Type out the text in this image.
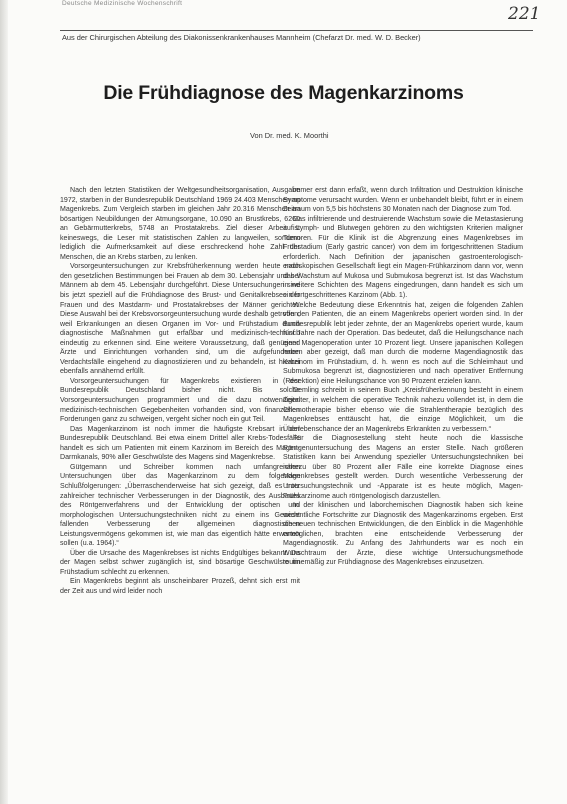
Deutsche Medizinische Wochenschrift
221
Aus der Chirurgischen Abteilung des Diakonissenkrankenhauses Mannheim (Chefarzt Dr. med. W. D. Becker)
Die Frühdiagnose des Magenkarzinoms
Von Dr. med. K. Moorthi

Nach den letzten Statistiken der Weltgesundheitsorganisation, Ausgabe 1972, starben in der Bundesrepublik Deutschland 1969 24.403 Menschen an Magenkrebs. Zum Vergleich starben im gleichen Jahr 20.316 Menschen an bösartigen Neubildungen der Atmungsorgane, 10.090 an Brustkrebs, 6260 an Gebärmutterkrebs, 5748 an Prostatakrebs. Ziel dieser Arbeit ist keineswegs, die Leser mit statistischen Zahlen zu langweilen, sondern lediglich die Aufmerksamkeit auf diese erschreckend hohe Zahl der Menschen, die an Krebs starben, zu lenken.

Vorsorgeuntersuchungen zur Krebsfrüherkennung werden heute nach den gesetzlichen Bestimmungen bei Frauen ab dem 30. Lebensjahr und bei Männern ab dem 45. Lebensjahr durchgeführt. Diese Untersuchungen sind bis jetzt speziell auf die Frühdiagnose des Brust- und Genitalkrebses der Frauen und des Mastdarm- und Prostatakrebses der Männer gerichtet. Diese Auswahl bei der Krebsvorsorgeuntersuchung wurde deshalb getroffen, weil Erkrankungen an diesen Organen im Vor- und Frühstadium durch diagnostische Maßnahmen gut erfaßbar und medizinisch-technisch eindeutig zu erkennen sind. Eine weitere Voraussetzung, daß genügend Ärzte und Einrichtungen vorhanden sind, um die aufgefundenen Verdachtsfälle eingehend zu diagnostizieren und zu behandeln, ist hierbei ebenfalls annähernd erfüllt.

Vorsorgeuntersuchungen für Magenkrebs existieren in der Bundesrepublik Deutschland bisher nicht. Bis solche Vorsorgeuntersuchungen programmiert und die dazu notwendigen medizinisch-technischen Gegebenheiten vorhanden sind, von finanziellen Forderungen ganz zu schweigen, vergeht sicher noch ein gut Teil.

Das Magenkarzinom ist noch immer die häufigste Krebsart in der Bundesrepublik Deutschland. Bei etwa einem Drittel aller Krebs-Todesfälle handelt es sich um Patienten mit einem Karzinom im Bereich des Magen-Darmkanals, 90% aller Geschwülste des Magens sind Magenkrebse.

Gütgemann und Schreiber kommen nach umfangreichen Untersuchungen über das Magenkarzinom zu dem folgenden Schlußfolgerungen: „Überraschenderweise hat sich gezeigt, daß es trotz zahlreicher technischer Verbesserungen in der Diagnostik, des Ausbaues des Röntgenverfahrens und der Entwicklung der optischen und morphologischen Untersuchungstechniken nicht zu einem ins Gewicht fallenden Verbesserung der allgemeinen diagnostischen Leistungsvermögens gekommen ist, wie man das eigentlich hätte erwarten sollen (u.a. 1964).“

Über die Ursache des Magenkrebses ist nichts Endgültiges bekannt. Da der Magen selbst schwer zugänglich ist, sind bösartige Geschwülste im Frühstadium schlecht zu erkennen.

Ein Magenkrebs beginnt als unscheinbarer Prozeß, dehnt sich erst mit der Zeit aus und wird leider noch

immer erst dann erfaßt, wenn durch Infiltration und Destruktion klinische Symptome verursacht wurden. Wenn er unbehandelt bleibt, führt er in einem Zeitraum von 5,5 bis höchstens 30 Monaten nach der Diagnose zum Tod.

Das infiltrierende und destruierende Wachstum sowie die Metastasierung auf Lymph- und Blutwegen gehören zu den wichtigsten Kriterien maligner Tumoren. Für die Klinik ist die Abgrenzung eines Magenkrebses im Frühstadium (Early gastric cancer) von dem im fortgeschrittenen Stadium erforderlich. Nach Definition der japanischen gastroenterologisch-endoskopischen Gesellschaft liegt ein Magen-Frühkarzinom dann vor, wenn das Wachstum auf Mukosa und Submukosa begrenzt ist. Ist das Wachstum in weitere Schichten des Magens eingedrungen, dann handelt es sich um ein fortgeschrittenes Karzinom (Abb. 1).

Welche Bedeutung diese Erkenntnis hat, zeigen die folgenden Zahlen von den Patienten, die an einem Magenkrebs operiert worden sind. In der Bundesrepublik lebt jeder zehnte, der an Magenkrebs operiert wurde, kaum fünf Jahre nach der Operation. Das bedeutet, daß die Heilungschance nach einer Magenoperation unter 10 Prozent liegt. Unsere japanischen Kollegen haben aber gezeigt, daß man durch die moderne Magendiagnostik das Karzinom im Frühstadium, d. h. wenn es noch auf die Schleimhaut und Submukosa begrenzt ist, diagnostizieren und nach operativer Entfernung (Resektion) eine Heilungschance von 90 Prozent erzielen kann.

Demling schreibt in seinem Buch „Kreisfrüherkennung besteht in einem Zeitalter, in welchem die operative Technik nahezu vollendet ist, in dem die Chemotherapie bisher ebenso wie die Strahlentherapie bezüglich des Magenkrebses enttäuscht hat, die einzige Möglichkeit, um die Überlebenschance der an Magenkrebs Erkrankten zu verbessern.“

Für die Diagnosestellung steht heute noch die klassische Röntgenuntersuchung des Magens an erster Stelle. Nach größeren Statistiken kann bei Anwendung spezieller Untersuchungstechniken bei nahezu über 80 Prozent aller Fälle eine korrekte Diagnose eines Magenkrebses gestellt werden. Durch wesentliche Verbesserung der Untersuchungstechnik und -Apparate ist es heute möglich, Magen-Frühkarzinome auch röntgenologisch darzustellen.

In der klinischen und laborchemischen Diagnostik haben sich keine wesentliche Fortschritte zur Diagnostik des Magenkarzinoms ergeben. Erst die neuen technischen Entwicklungen, die den Einblick in die Magenhöhle ermöglichen, brachten eine entscheidende Verbesserung der Magendiagnostik. Zu Anfang des Jahrhunderts war es noch ein Wunschtraum der Ärzte, diese wichtige Untersuchungsmethode routinemäßig zur Frühdiagnose des Magenkrebses einzusetzen.
